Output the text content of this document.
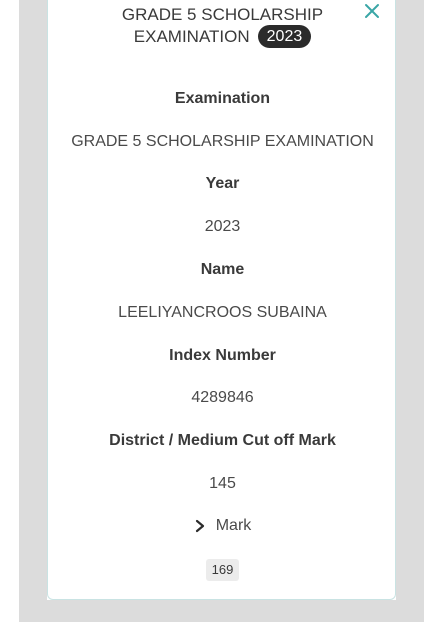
GRADE 5 SCHOLARSHIP
EXAMINATION	2023
Examination
GRADE 5 SCHOLARSHIP EXAMINATION
Year
2023
Name
LEELIYANCROOS SUBAINA
Index Number
4289846
District / Medium Cut off Mark
145
Mark
169
